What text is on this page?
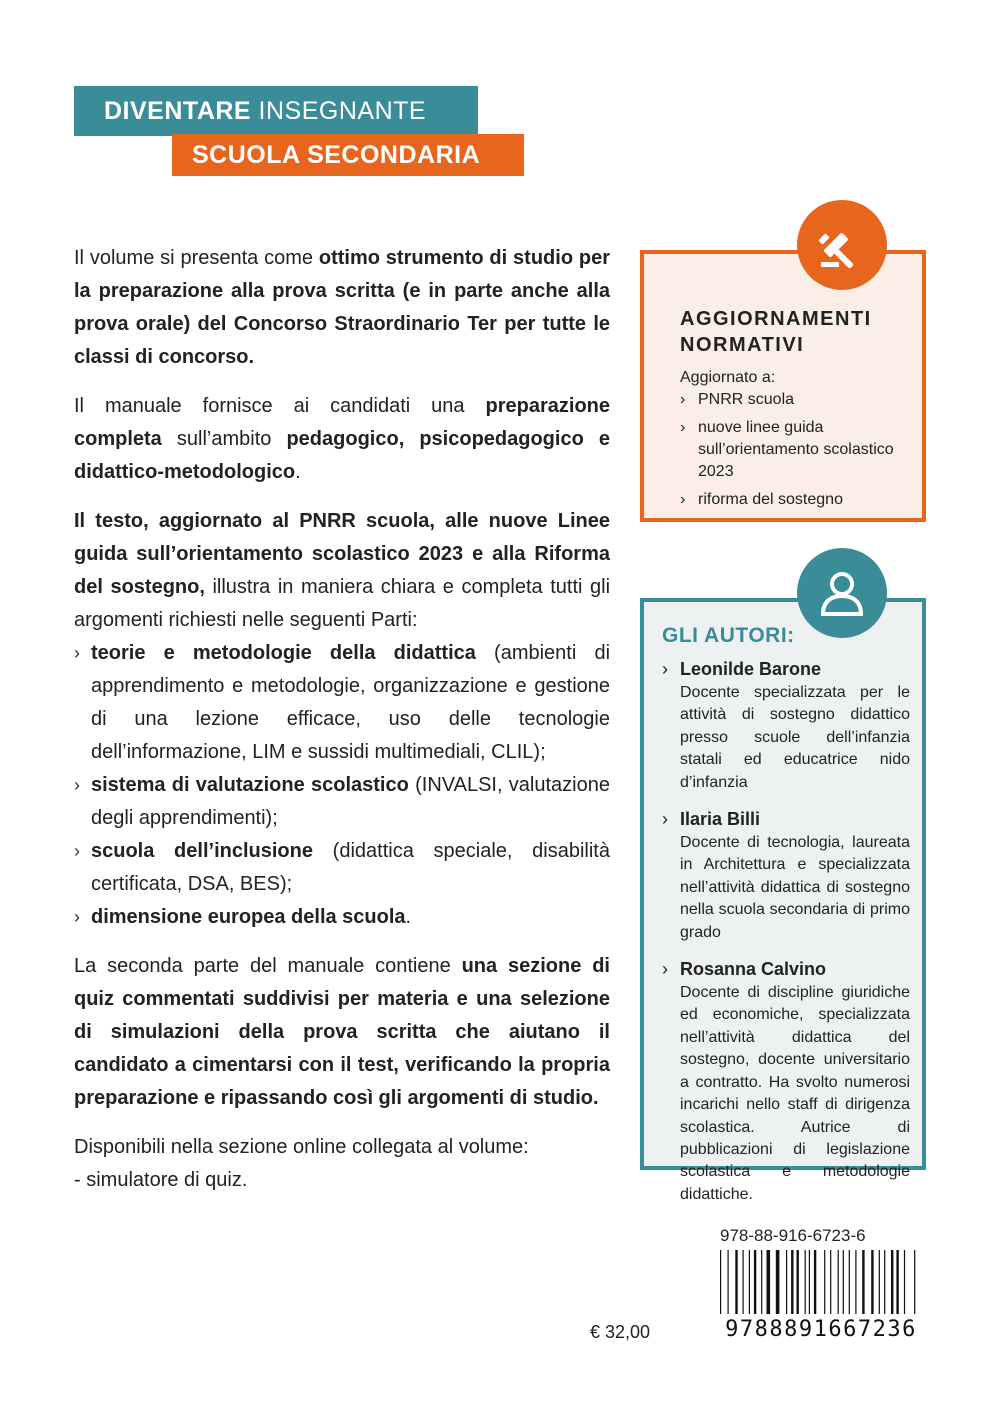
DIVENTARE INSEGNANTE
SCUOLA SECONDARIA

Il volume si presenta come ottimo strumento di studio per la preparazione alla prova scritta (e in parte anche alla prova orale) del Concorso Straordinario Ter per tutte le classi di concorso.

Il manuale fornisce ai candidati una preparazione completa sull’ambito pedagogico, psicopedagogico e didattico-metodologico.

Il testo, aggiornato al PNRR scuola, alle nuove Linee guida sull’orientamento scolastico 2023 e alla Riforma del sostegno, illustra in maniera chiara e completa tutti gli argomenti richiesti nelle seguenti Parti:

› teorie e metodologie della didattica (ambienti di apprendimento e metodologie, organizzazione e gestione di una lezione efficace, uso delle tecnologie dell’informazione, LIM e sussidi multimediali, CLIL);
› sistema di valutazione scolastico (INVALSI, valutazione degli apprendimenti);
› scuola dell’inclusione (didattica speciale, disabilità certificata, DSA, BES);
› dimensione europea della scuola.

La seconda parte del manuale contiene una sezione di quiz commentati suddivisi per materia e una selezione di simulazioni della prova scritta che aiutano il candidato a cimentarsi con il test, verificando la propria preparazione e ripassando così gli argomenti di studio.

Disponibili nella sezione online collegata al volume:

- simulatore di quiz.

AGGIORNAMENTI
NORMATIVI
Aggiornato a:
› PNRR scuola
› nuove linee guida sull’orientamento scolastico 2023
› riforma del sostegno
GLI AUTORI:
› Leonilde Barone
Docente specializzata per le attività di sostegno didattico presso scuole dell’infanzia statali ed educatrice nido d’infanzia
› Ilaria Billi
Docente di tecnologia, laureata in Architettura e specializzata nell’attività didattica di sostegno nella scuola secondaria di primo grado
› Rosanna Calvino
Docente di discipline giuridiche ed economiche, specializzata nell’attività didattica del sostegno, docente universitario a contratto. Ha svolto numerosi incarichi nello staff di dirigenza scolastica. Autrice di pubblicazioni di legislazione scolastica e metodologie didattiche.
978-88-916-6723-6
9788891667236
€ 32,00
